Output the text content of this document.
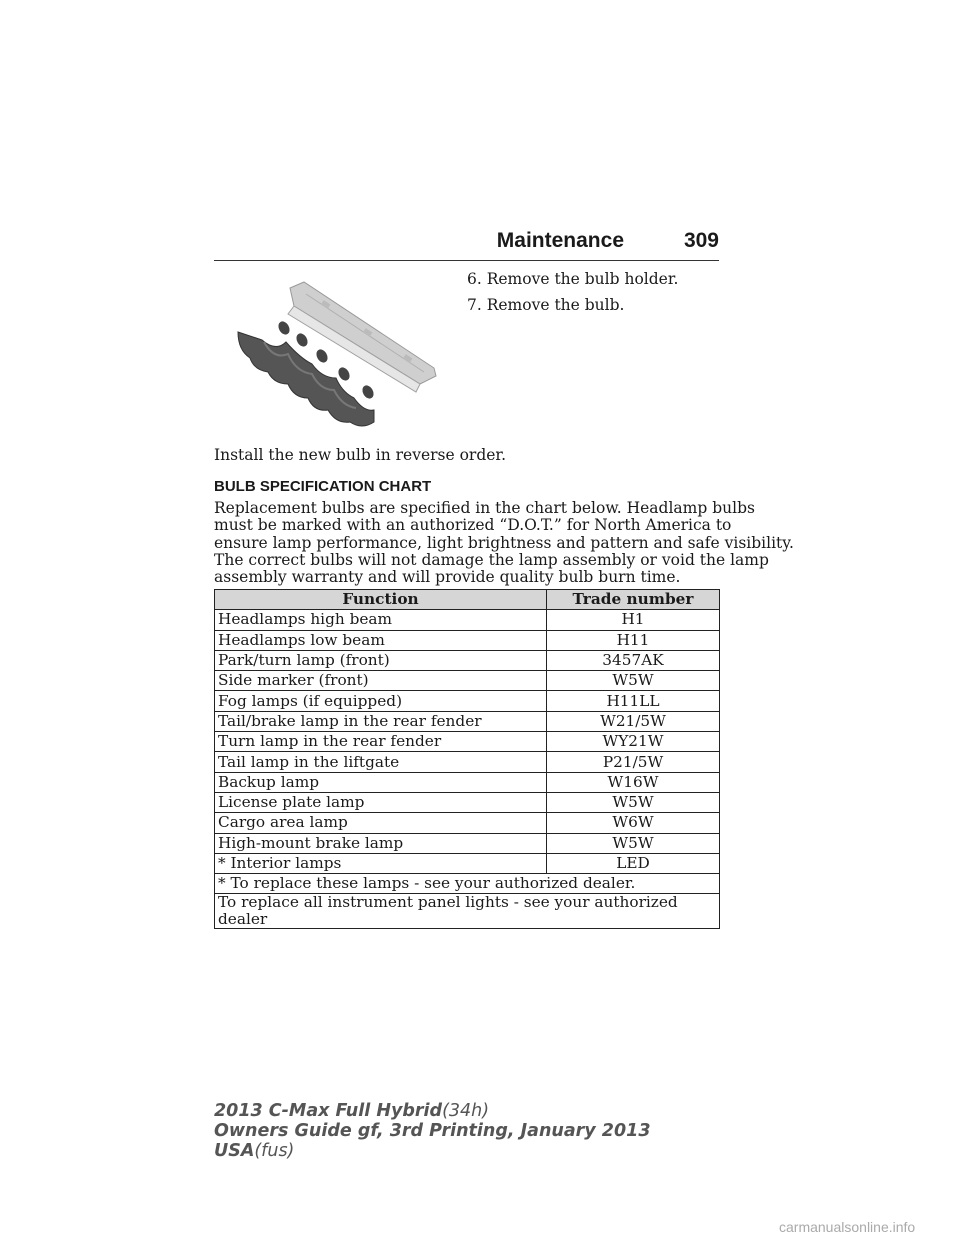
Maintenance	309
6. Remove the bulb holder.
7. Remove the bulb.
Install the new bulb in reverse order.
BULB SPECIFICATION CHART
Replacement bulbs are specified in the chart below. Headlamp bulbs
must be marked with an authorized “D.O.T.” for North America to
ensure lamp performance, light brightness and pattern and safe visibility.
The correct bulbs will not damage the lamp assembly or void the lamp
assembly warranty and will provide quality bulb burn time.
Function	Trade number
Headlamps high beam	H1
Headlamps low beam	H11
Park/turn lamp (front)	3457AK
Side marker (front)	W5W
Fog lamps (if equipped)	H11LL
Tail/brake lamp in the rear fender	W21/5W
Turn lamp in the rear fender	WY21W
Tail lamp in the liftgate	P21/5W
Backup lamp	W16W
License plate lamp	W5W
Cargo area lamp	W6W
High-mount brake lamp	W5W
* Interior lamps	LED
* To replace these lamps - see your authorized dealer.	
To replace all instrument panel lights - see your authorized dealer	
2013 C-Max Full Hybrid(34h)
Owners Guide gf, 3rd Printing, January 2013
USA(fus)
carmanualsonline.info
